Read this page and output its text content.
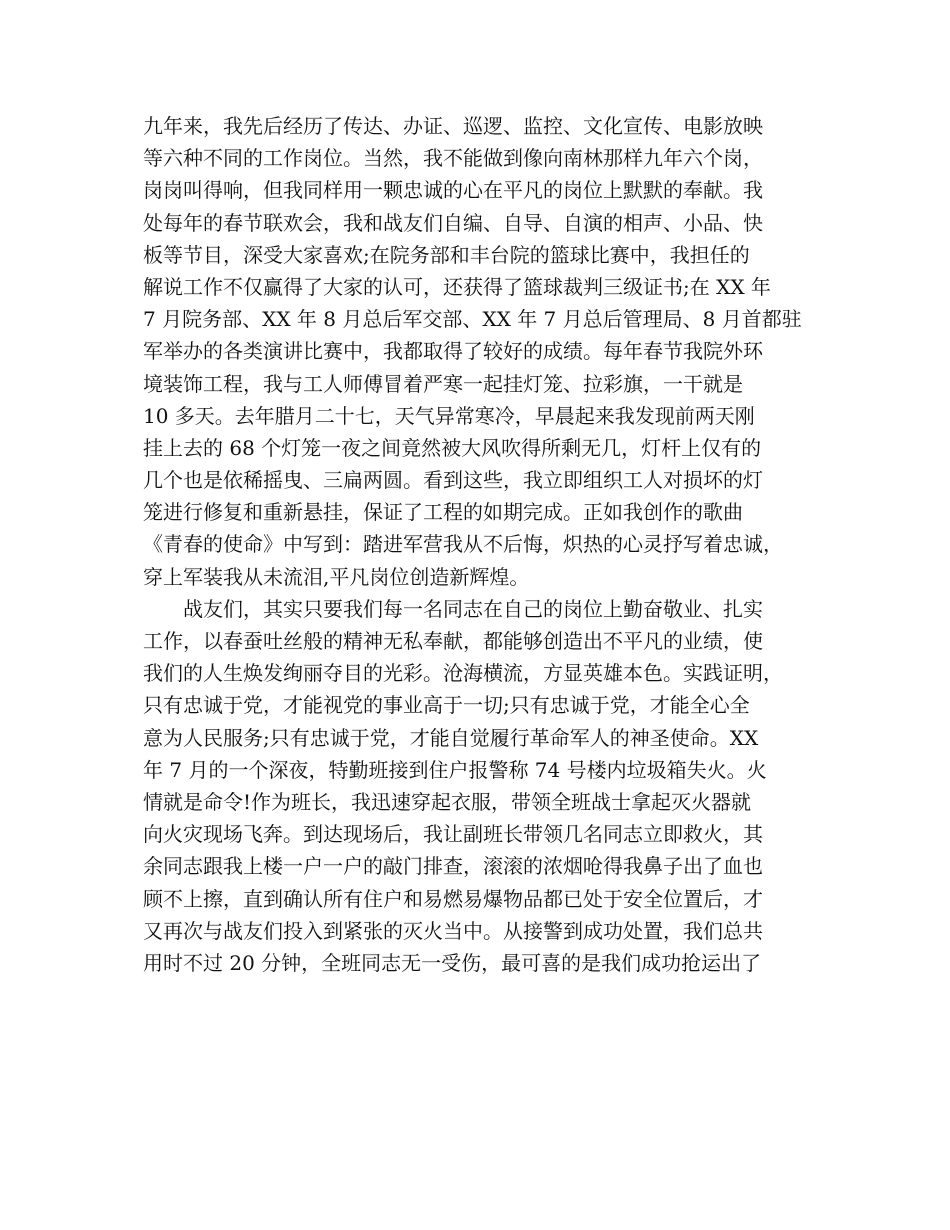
九年来，我先后经历了传达、办证、巡逻、监控、文化宣传、电影放映
等六种不同的工作岗位。当然，我不能做到像向南林那样九年六个岗，
岗岗叫得响，但我同样用一颗忠诚的心在平凡的岗位上默默的奉献。我
处每年的春节联欢会，我和战友们自编、自导、自演的相声、小品、快
板等节目，深受大家喜欢;在院务部和丰台院的篮球比赛中，我担任的
解说工作不仅赢得了大家的认可，还获得了篮球裁判三级证书;在 XX 年
7 月院务部、XX 年 8 月总后军交部、XX 年 7 月总后管理局、8 月首都驻
军举办的各类演讲比赛中，我都取得了较好的成绩。每年春节我院外环
境装饰工程，我与工人师傅冒着严寒一起挂灯笼、拉彩旗，一干就是
10 多天。去年腊月二十七，天气异常寒冷，早晨起来我发现前两天刚
挂上去的 68 个灯笼一夜之间竟然被大风吹得所剩无几，灯杆上仅有的
几个也是依稀摇曳、三扁两圆。看到这些，我立即组织工人对损坏的灯
笼进行修复和重新悬挂，保证了工程的如期完成。正如我创作的歌曲
《青春的使命》中写到：踏进军营我从不后悔，炽热的心灵抒写着忠诚，
穿上军装我从未流泪,平凡岗位创造新辉煌。
战友们，其实只要我们每一名同志在自己的岗位上勤奋敬业、扎实
工作，以春蚕吐丝般的精神无私奉献，都能够创造出不平凡的业绩，使
我们的人生焕发绚丽夺目的光彩。沧海横流，方显英雄本色。实践证明，
只有忠诚于党，才能视党的事业高于一切;只有忠诚于党，才能全心全
意为人民服务;只有忠诚于党，才能自觉履行革命军人的神圣使命。XX
年 7 月的一个深夜，特勤班接到住户报警称 74 号楼内垃圾箱失火。火
情就是命令!作为班长，我迅速穿起衣服，带领全班战士拿起灭火器就
向火灾现场飞奔。到达现场后，我让副班长带领几名同志立即救火，其
余同志跟我上楼一户一户的敲门排查，滚滚的浓烟呛得我鼻子出了血也
顾不上擦，直到确认所有住户和易燃易爆物品都已处于安全位置后，才
又再次与战友们投入到紧张的灭火当中。从接警到成功处置，我们总共
用时不过 20 分钟，全班同志无一受伤，最可喜的是我们成功抢运出了
